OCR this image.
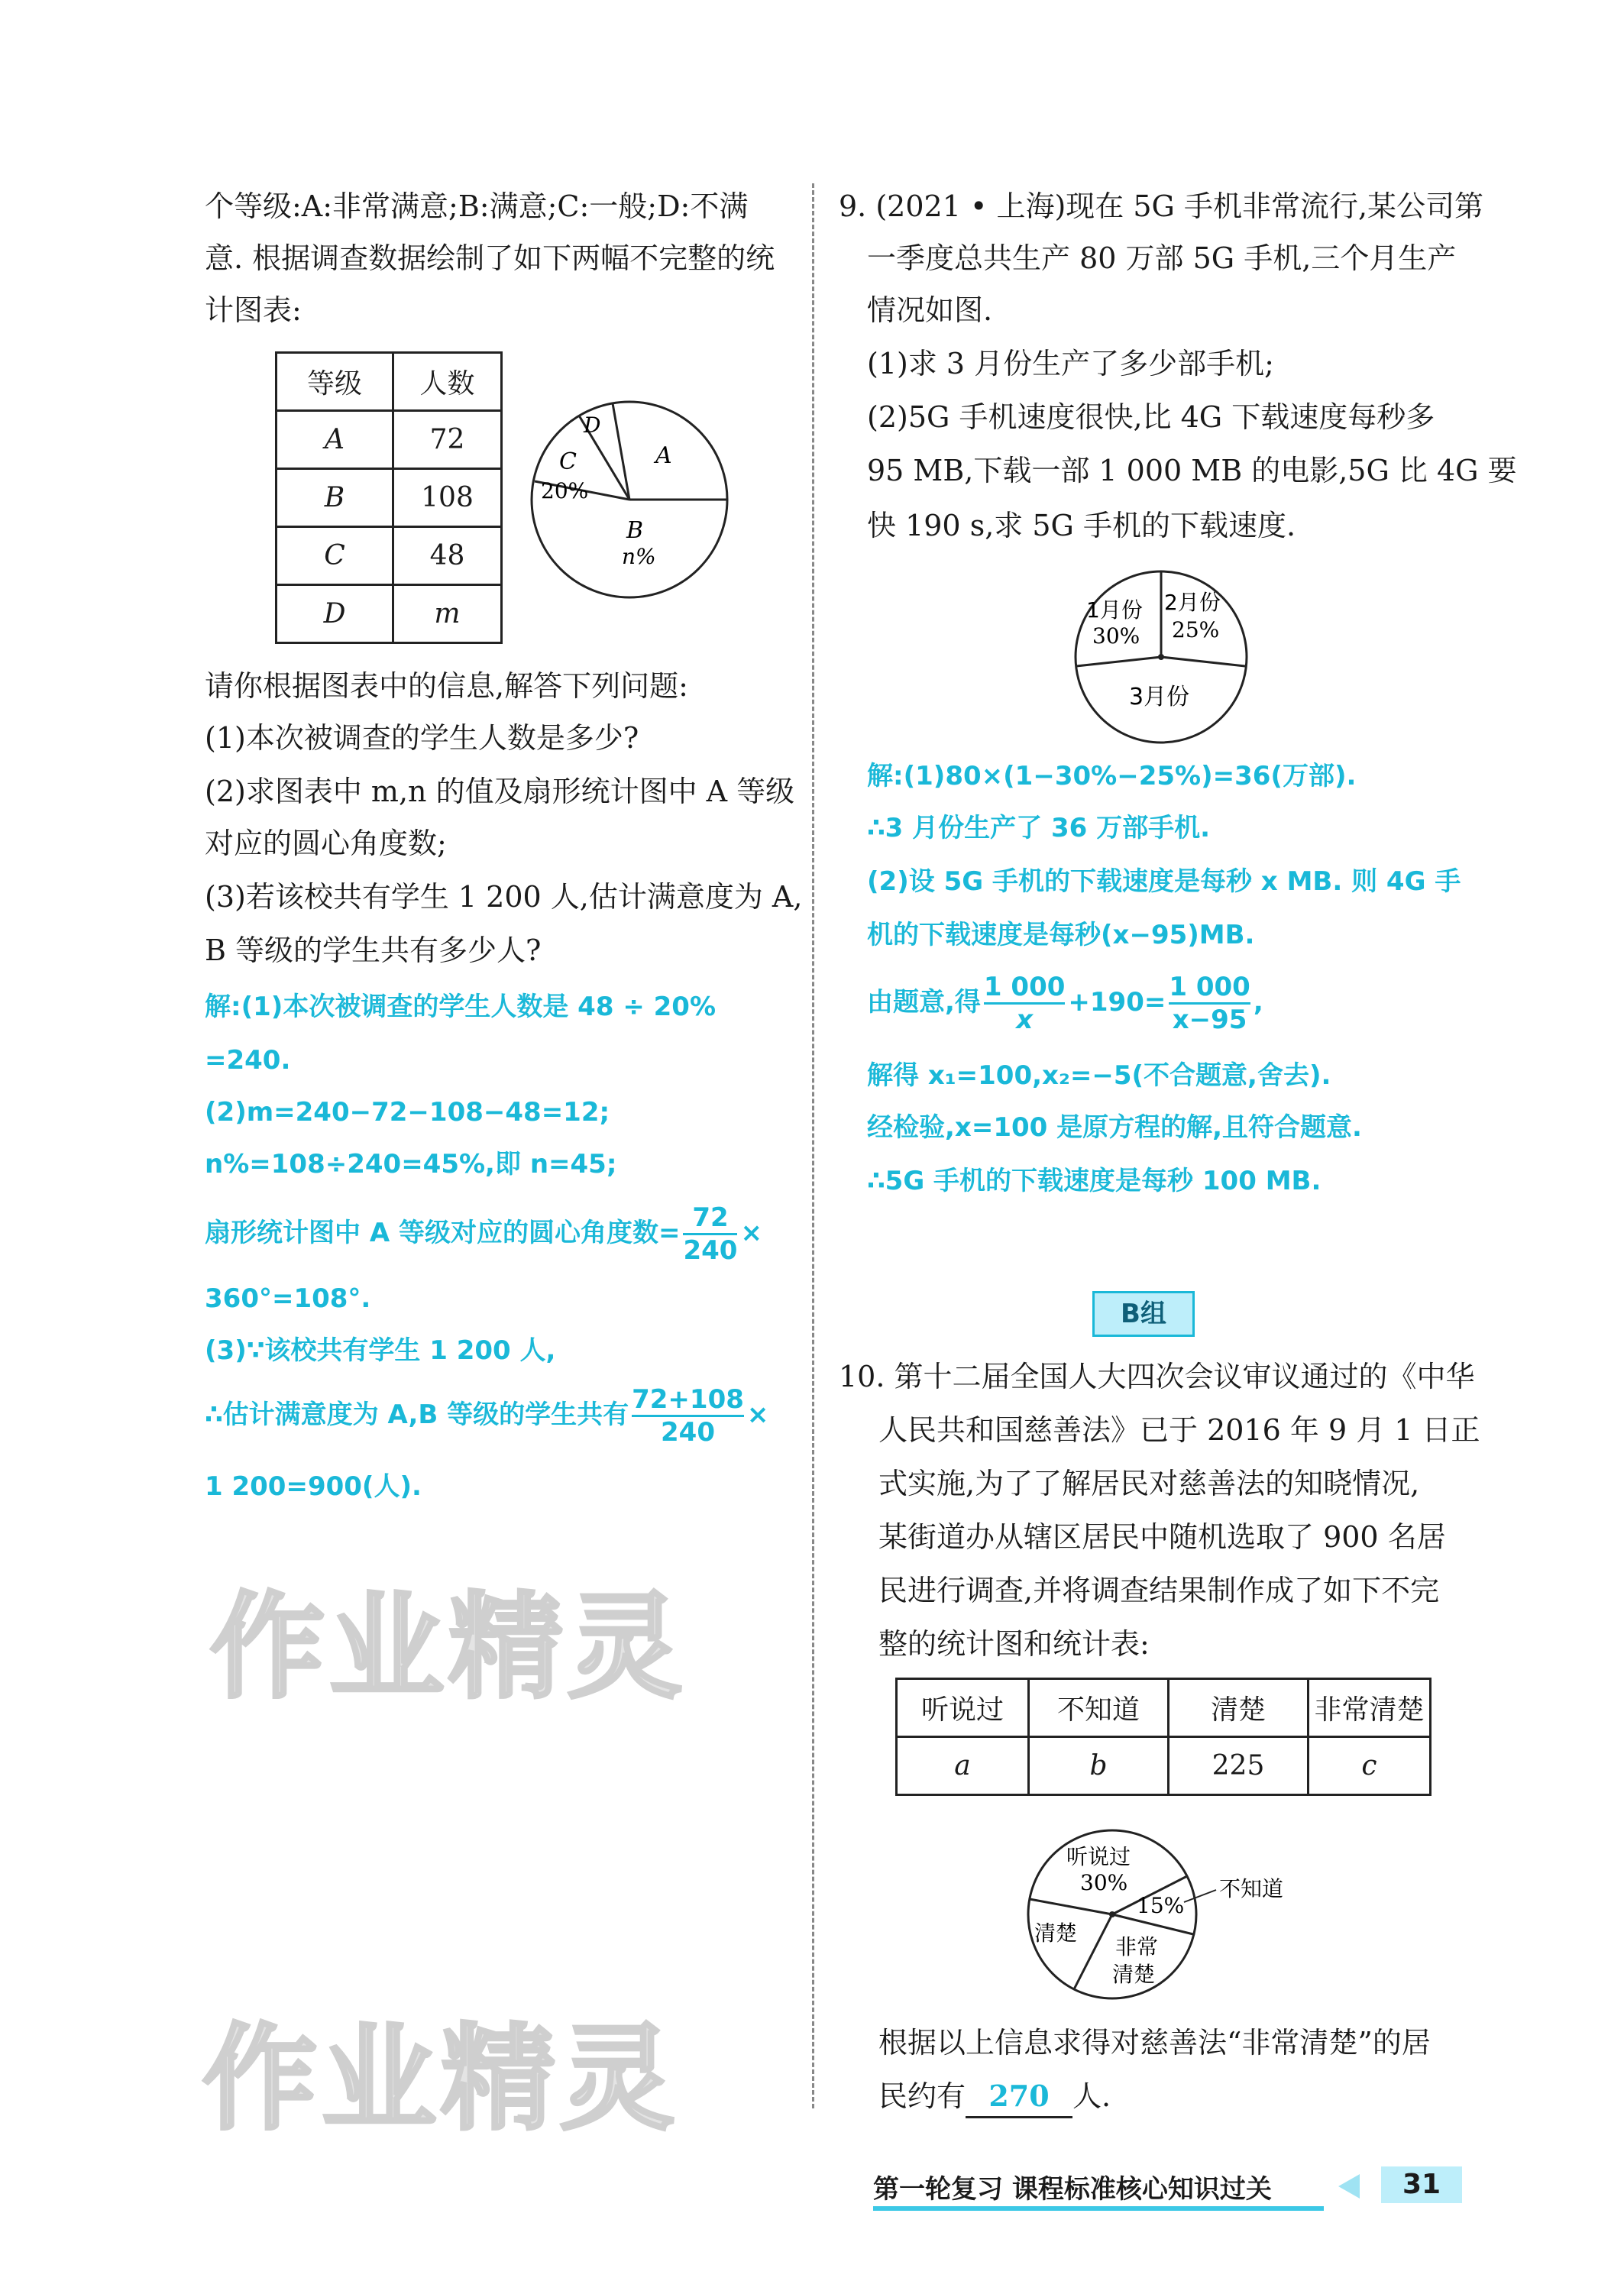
个等级:A:非常满意;B:满意;C:一般;D:不满
意. 根据调查数据绘制了如下两幅不完整的统
计图表:
等级	人数
A	72
B	108
C	48
D	m
A
B
n%
C
20%
D
请你根据图表中的信息,解答下列问题:
(1)本次被调查的学生人数是多少?
(2)求图表中 m,n 的值及扇形统计图中 A 等级
对应的圆心角度数;
(3)若该校共有学生 1 200 人,估计满意度为 A,
B 等级的学生共有多少人?
解:(1)本次被调查的学生人数是 48 ÷ 20%
=240.
(2)m=240−72−108−48=12;
n%=108÷240=45%,即 n=45;
扇形统计图中 A 等级对应的圆心角度数= $\frac{72}{240}$ ×
360°=108°.
(3)∵该校共有学生 1 200 人,
∴估计满意度为 A,B 等级的学生共有 $\frac{72+108}{240}$ ×
1 200=900(人).
作业精灵
作业精灵
9. (2021 • 上海)现在 5G 手机非常流行,某公司第
一季度总共生产 80 万部 5G 手机,三个月生产
情况如图.
(1)求 3 月份生产了多少部手机;
(2)5G 手机速度很快,比 4G 下载速度每秒多
95 MB,下载一部 1 000 MB 的电影,5G 比 4G 要
快 190 s,求 5G 手机的下载速度.
1月份
30%
2月份
25%
3月份
解:(1)80×(1−30%−25%)=36(万部).
∴3 月份生产了 36 万部手机.
(2)设 5G 手机的下载速度是每秒 x MB. 则 4G 手
机的下载速度是每秒(x−95)MB.
由题意,得 $\frac{1 000}{x} +190= \frac{1 000}{x-95}$ ,
解得 x₁=100,x₂=−5(不合题意,舍去).
经检验,x=100 是原方程的解,且符合题意.
∴5G 手机的下载速度是每秒 100 MB.
B组
10. 第十二届全国人大四次会议审议通过的《中华
人民共和国慈善法》已于 2016 年 9 月 1 日正
式实施,为了了解居民对慈善法的知晓情况,
某街道办从辖区居民中随机选取了 900 名居
民进行调查,并将调查结果制作成了如下不完
整的统计图和统计表:
听说过	不知道	清楚	非常清楚
a	b	225	c
听说过
30%
15%
不知道
清楚
非常
清楚
根据以上信息求得对慈善法“非常清楚”的居
民约有 270 人.
第一轮复习 课程标准核心知识过关	31
